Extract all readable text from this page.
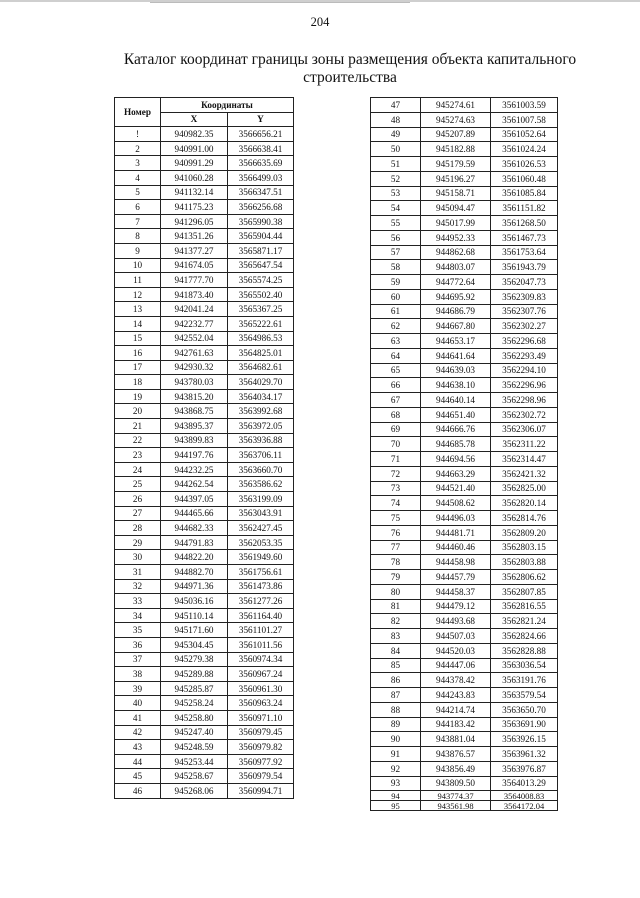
204
Каталог координат границы зоны размещения объекта капитального строительства
Номер	Координаты	
	X	Y
!	940982.35	3566656.21
2	940991.00	3566638.41
3	940991.29	3566635.69
4	941060.28	3566499.03
5	941132.14	3566347.51
6	941175.23	3566256.68
7	941296.05	3565990.38
8	941351.26	3565904.44
9	941377.27	3565871.17
10	941674.05	3565647.54
11	941777.70	3565574.25
12	941873.40	3565502.40
13	942041.24	3565367.25
14	942232.77	3565222.61
15	942552.04	3564986.53
16	942761.63	3564825.01
17	942930.32	3564682.61
18	943780.03	3564029.70
19	943815.20	3564034.17
20	943868.75	3563992.68
21	943895.37	3563972.05
22	943899.83	3563936.88
23	944197.76	3563706.11
24	944232.25	3563660.70
25	944262.54	3563586.62
26	944397.05	3563199.09
27	944465.66	3563043.91
28	944682.33	3562427.45
29	944791.83	3562053.35
30	944822.20	3561949.60
31	944882.70	3561756.61
32	944971.36	3561473.86
33	945036.16	3561277.26
34	945110.14	3561164.40
35	945171.60	3561101.27
36	945304.45	3561011.56
37	945279.38	3560974.34
38	945289.88	3560967.24
39	945285.87	3560961.30
40	945258.24	3560963.24
41	945258.80	3560971.10
42	945247.40	3560979.45
43	945248.59	3560979.82
44	945253.44	3560977.92
45	945258.67	3560979.54
46	945268.06	3560994.71
47	945274.61	3561003.59
48	945274.63	3561007.58
49	945207.89	3561052.64
50	945182.88	3561024.24
51	945179.59	3561026.53
52	945196.27	3561060.48
53	945158.71	3561085.84
54	945094.47	3561151.82
55	945017.99	3561268.50
56	944952.33	3561467.73
57	944862.68	3561753.64
58	944803.07	3561943.79
59	944772.64	3562047.73
60	944695.92	3562309.83
61	944686.79	3562307.76
62	944667.80	3562302.27
63	944653.17	3562296.68
64	944641.64	3562293.49
65	944639.03	3562294.10
66	944638.10	3562296.96
67	944640.14	3562298.96
68	944651.40	3562302.72
69	944666.76	3562306.07
70	944685.78	3562311.22
71	944694.56	3562314.47
72	944663.29	3562421.32
73	944521.40	3562825.00
74	944508.62	3562820.14
75	944496.03	3562814.76
76	944481.71	3562809.20
77	944460.46	3562803.15
78	944458.98	3562803.88
79	944457.79	3562806.62
80	944458.37	3562807.85
81	944479.12	3562816.55
82	944493.68	3562821.24
83	944507.03	3562824.66
84	944520.03	3562828.88
85	944447.06	3563036.54
86	944378.42	3563191.76
87	944243.83	3563579.54
88	944214.74	3563650.70
89	944183.42	3563691.90
90	943881.04	3563926.15
91	943876.57	3563961.32
92	943856.49	3563976.87
93	943809.50	3564013.29
94	943774.37	3564008.83
95	943561.98	3564172.04
